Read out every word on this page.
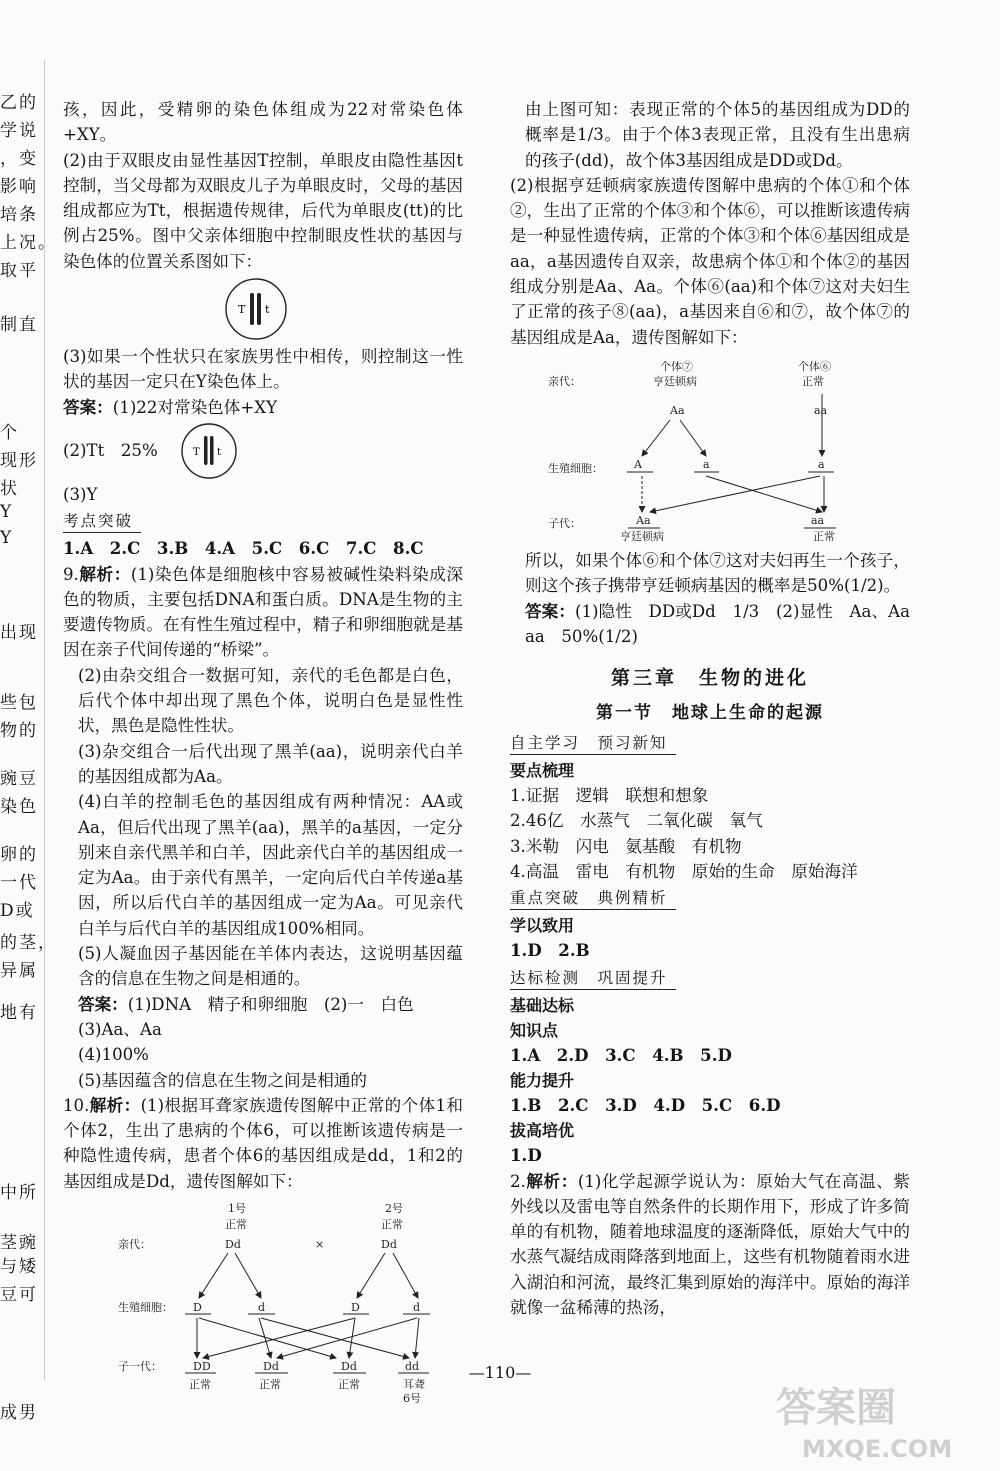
乙的
学说
，变
影响
培条
上况。
取平
制直
个
现形
状
Y
Y
出现
些包
物的
豌豆
染色
卵的
一代
D或
的茎，
异属
地有
中所
茎豌
与矮
豆可
成男

孩，因此，受精卵的染色体组成为22对常染色体+XY。

(2)由于双眼皮由显性基因T控制，单眼皮由隐性基因t控制，当父母都为双眼皮儿子为单眼皮时，父母的基因组成都应为Tt，根据遗传规律，后代为单眼皮(tt)的比例占25%。图中父亲体细胞中控制眼皮性状的基因与染色体的位置关系图如下：

T t

(3)如果一个性状只在家族男性中相传，则控制这一性状的基因一定只在Y染色体上。

答案：(1)22对常染色体+XY

(2)Tt　25%	T t

(3)Y

考点突破

1.A　2.C　3.B　4.A　5.C　6.C　7.C　8.C

9.解析：(1)染色体是细胞核中容易被碱性染料染成深色的物质，主要包括DNA和蛋白质。DNA是生物的主要遗传物质。在有性生殖过程中，精子和卵细胞就是基因在亲子代间传递的“桥梁”。

(2)由杂交组合一数据可知，亲代的毛色都是白色，后代个体中却出现了黑色个体，说明白色是显性性状，黑色是隐性性状。

(3)杂交组合一后代出现了黑羊(aa)，说明亲代白羊的基因组成都为Aa。

(4)白羊的控制毛色的基因组成有两种情况：AA或Aa，但后代出现了黑羊(aa)，黑羊的a基因，一定分别来自亲代黑羊和白羊，因此亲代白羊的基因组成一定为Aa。由于亲代有黑羊，一定向后代白羊传递a基因，所以后代白羊的基因组成一定为Aa。可见亲代白羊与后代白羊的基因组成100%相同。

(5)人凝血因子基因能在羊体内表达，这说明基因蕴含的信息在生物之间是相通的。

答案：(1)DNA　精子和卵细胞　(2)一　白色

(3)Aa、Aa

(4)100%

(5)基因蕴含的信息在生物之间是相通的

10.解析：(1)根据耳聋家族遗传图解中正常的个体1和个体2，生出了患病的个体6，可以推断该遗传病是一种隐性遗传病，患者个体6的基因组成是dd，1和2的基因组成是Dd，遗传图解如下：

1号
正常
2号
正常
亲代：	Dd	×	Dd
生殖细胞： D	d	D	d
子一代：	DD	Dd	Dd	dd
正常	正常	正常	耳聋
6号

由上图可知：表现正常的个体5的基因组成为DD的概率是1/3。由于个体3表现正常，且没有生出患病的孩子(dd)，故个体3基因组成是DD或Dd。

(2)根据亨廷顿病家族遗传图解中患病的个体①和个体②，生出了正常的个体③和个体⑥，可以推断该遗传病是一种显性遗传病，正常的个体③和个体⑥基因组成是aa，a基因遗传自双亲，故患病个体①和个体②的基因组成分别是Aa、Aa。个体⑥(aa)和个体⑦这对夫妇生了正常的孩子⑧(aa)，a基因来自⑥和⑦，故个体⑦的基因组成是Aa，遗传图解如下：

个体⑦
亨廷顿病
个体⑥
正常
亲代：
Aa	aa
生殖细胞：	A	a	a
子代：	Aa
亨廷顿病
aa
正常

所以，如果个体⑥和个体⑦这对夫妇再生一个孩子，则这个孩子携带亨廷顿病基因的概率是50%(1/2)。

答案：(1)隐性　DD或Dd　1/3　(2)显性　Aa、Aa　aa　50%(1/2)

第三章　生物的进化
第一节　地球上生命的起源
自主学习　预习新知
要点梳理

1.证据　逻辑　联想和想象

2.46亿　水蒸气　二氧化碳　氧气

3.米勒　闪电　氨基酸　有机物

4.高温　雷电　有机物　原始的生命　原始海洋

重点突破　典例精析
学以致用

1.D　2.B

达标检测　巩固提升
基础达标
知识点

1.A　2.D　3.C　4.B　5.D

能力提升

1.B　2.C　3.D　4.D　5.C　6.D

拔高培优

1.D

2.解析：(1)化学起源学说认为：原始大气在高温、紫外线以及雷电等自然条件的长期作用下，形成了许多简单的有机物，随着地球温度的逐渐降低，原始大气中的水蒸气凝结成雨降落到地面上，这些有机物随着雨水进入湖泊和河流，最终汇集到原始的海洋中。原始的海洋就像一盆稀薄的热汤，

—110—
答案圈
MXQE.COM
